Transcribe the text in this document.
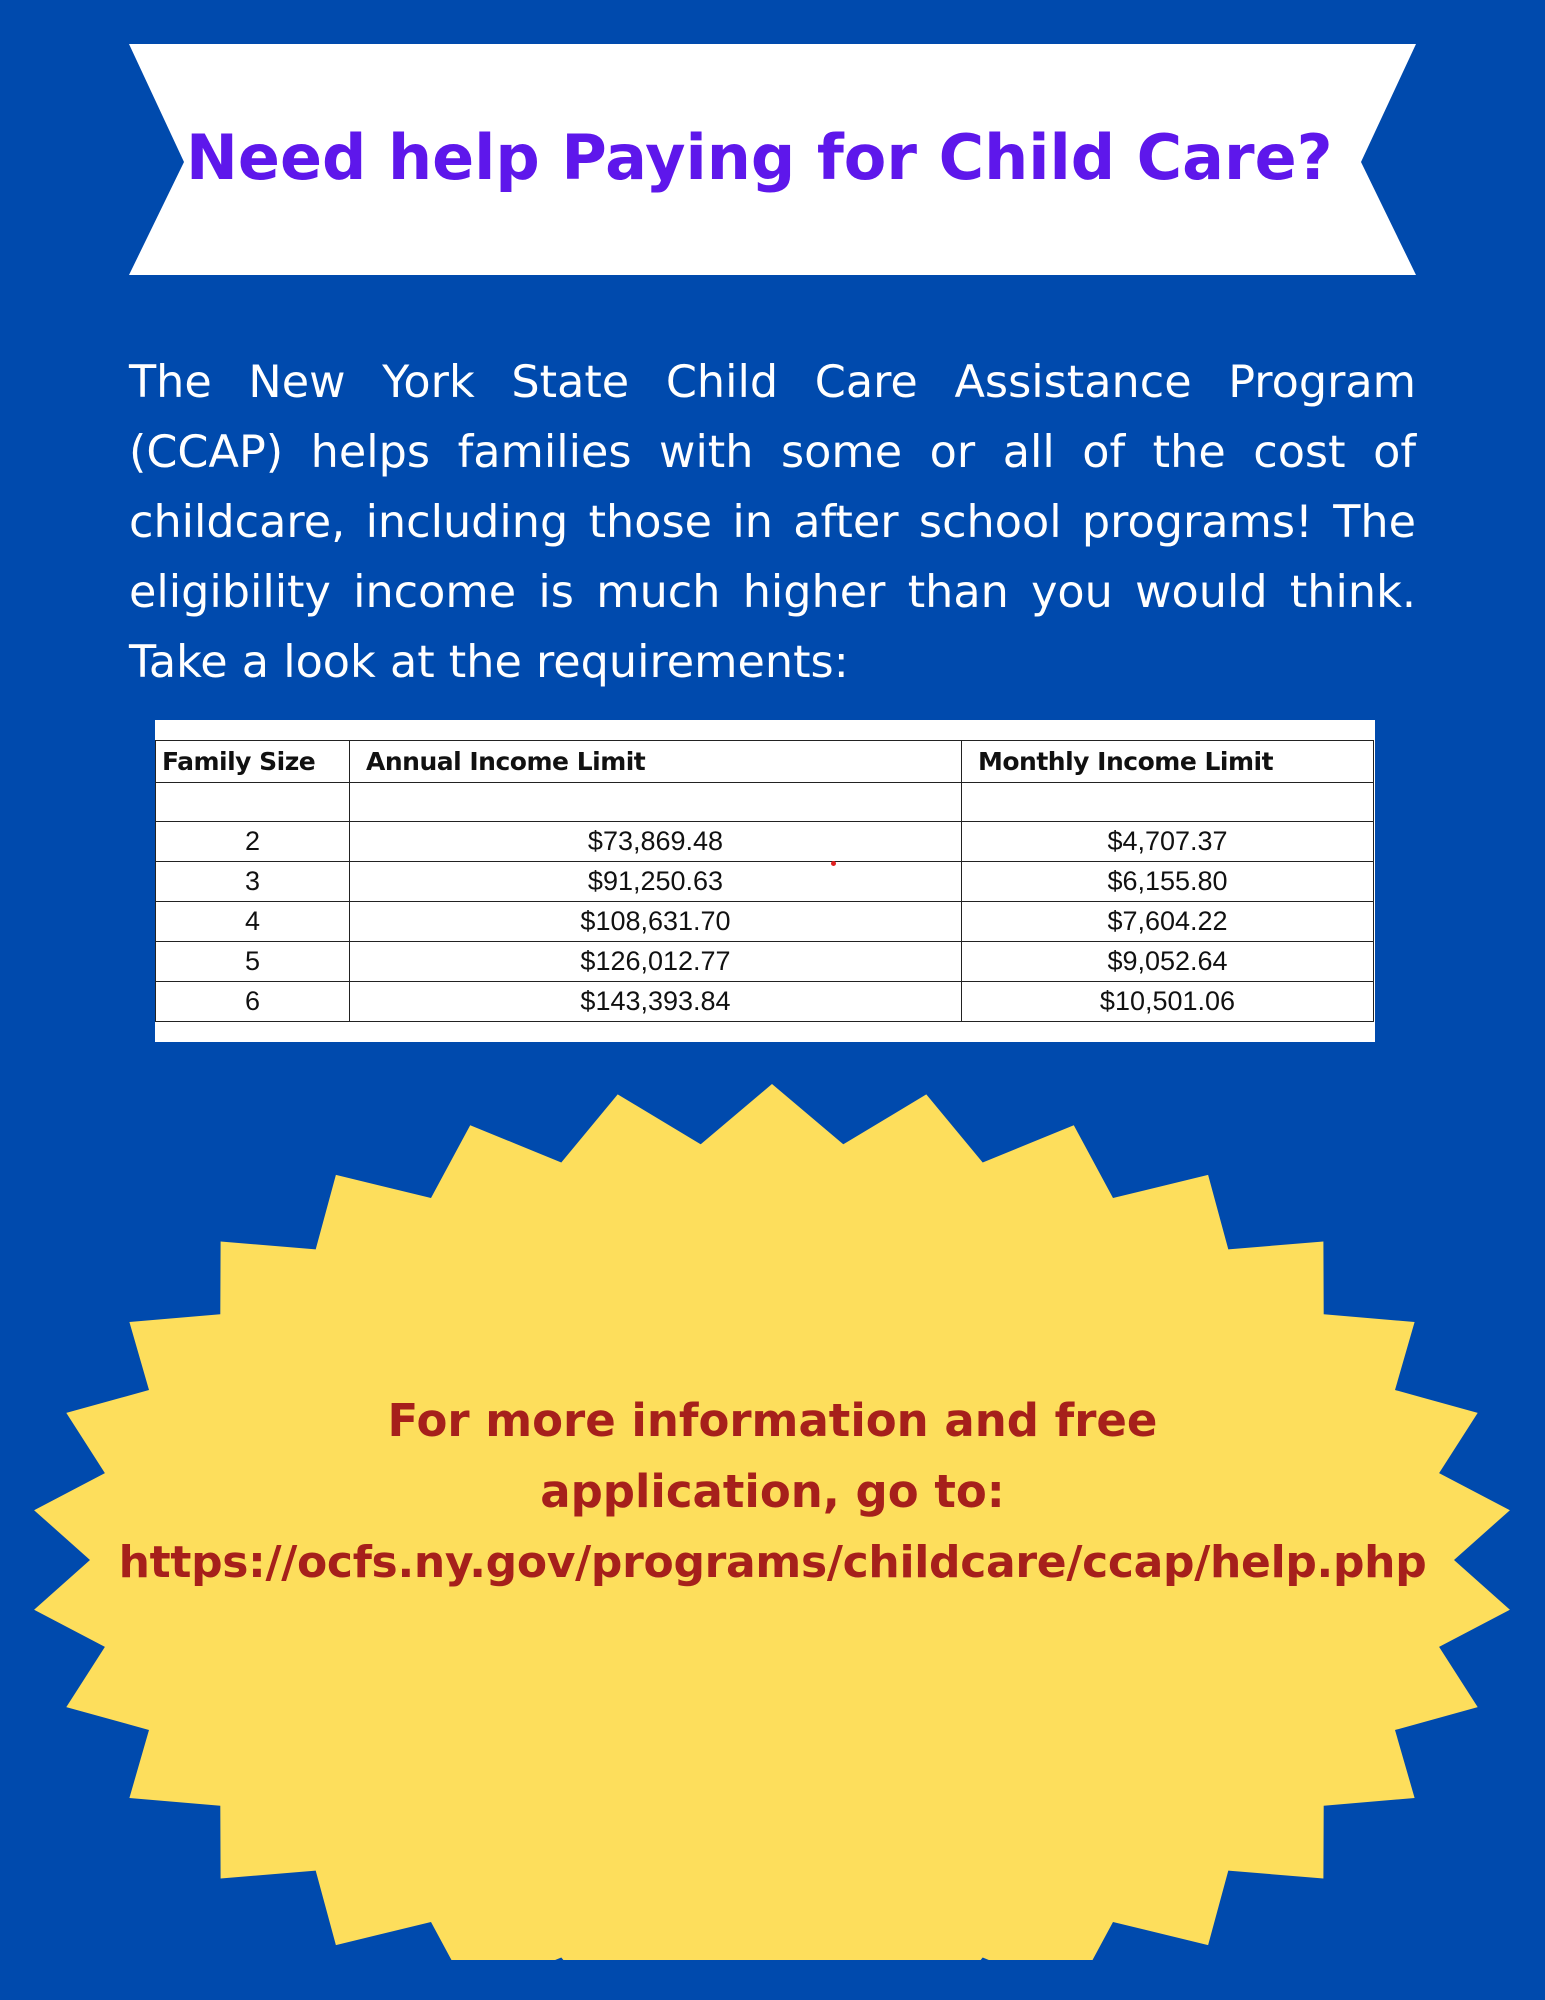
Need help Paying for Child Care?

The New York State Child Care Assistance Program (CCAP) helps families with some or all of the cost of childcare, including those in after school programs! The eligibility income is much higher than you would think. Take a look at the requirements:

Family Size	Annual Income Limit	Monthly Income Limit

2	$73,869.48	$4,707.37
3	$91,250.63	$6,155.80
4	$108,631.70	$7,604.22
5	$126,012.77	$9,052.64
6	$143,393.84	$10,501.06
For more information and free
application, go to:
https://ocfs.ny.gov/programs/childcare/ccap/help.php
